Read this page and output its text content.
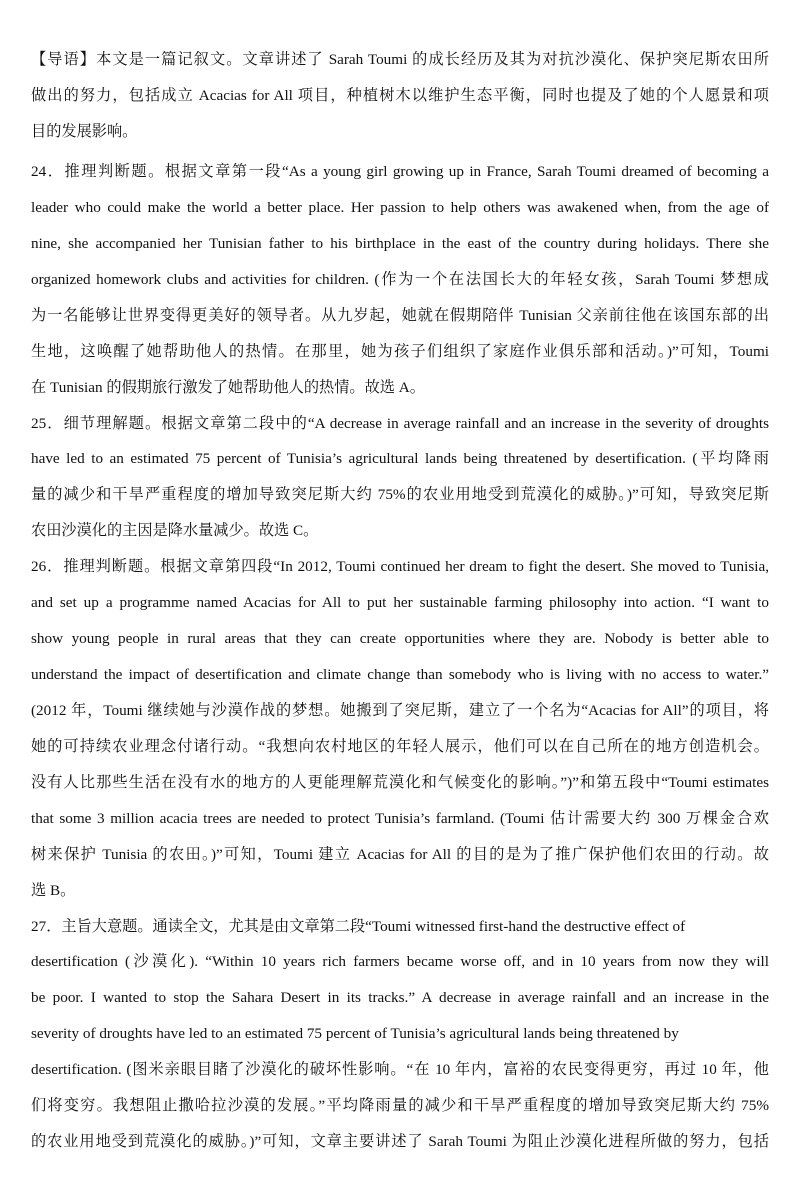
【导语】本文是一篇记叙文。文章讲述了 Sarah Toumi 的成长经历及其为对抗沙漠化、保护突尼斯农田所
做出的努力，包括成立 Acacias for All 项目，种植树木以维护生态平衡，同时也提及了她的个人愿景和项
目的发展影响。
24．推理判断题。根据文章第一段“As a young girl growing up in France, Sarah Toumi dreamed of becoming a
leader who could make the world a better place. Her passion to help others was awakened when, from the age of
nine, she accompanied her Tunisian father to his birthplace in the east of the country during holidays. There she
organized homework clubs and activities for children. (作为一个在法国长大的年轻女孩，Sarah Toumi 梦想成
为一名能够让世界变得更美好的领导者。从九岁起，她就在假期陪伴 Tunisian 父亲前往他在该国东部的出
生地，这唤醒了她帮助他人的热情。在那里，她为孩子们组织了家庭作业俱乐部和活动。)”可知，Toumi
在 Tunisian 的假期旅行激发了她帮助他人的热情。故选 A。
25．细节理解题。根据文章第二段中的“A decrease in average rainfall and an increase in the severity of droughts
have led to an estimated 75 percent of Tunisia’s agricultural lands being threatened by desertification. (平均降雨
量的减少和干旱严重程度的增加导致突尼斯大约 75%的农业用地受到荒漠化的威胁。)”可知，导致突尼斯
农田沙漠化的主因是降水量减少。故选 C。
26．推理判断题。根据文章第四段“In 2012, Toumi continued her dream to fight the desert. She moved to Tunisia,
and set up a programme named Acacias for All to put her sustainable farming philosophy into action. “I want to
show young people in rural areas that they can create opportunities where they are. Nobody is better able to
understand the impact of desertification and climate change than somebody who is living with no access to water.”
(2012 年，Toumi 继续她与沙漠作战的梦想。她搬到了突尼斯，建立了一个名为“Acacias for All”的项目，将
她的可持续农业理念付诸行动。“我想向农村地区的年轻人展示，他们可以在自己所在的地方创造机会。
没有人比那些生活在没有水的地方的人更能理解荒漠化和气候变化的影响。”)”和第五段中“Toumi estimates
that some 3 million acacia trees are needed to protect Tunisia’s farmland. (Toumi 估计需要大约 300 万棵金合欢
树来保护 Tunisia 的农田。)”可知，Toumi 建立 Acacias for All 的目的是为了推广保护他们农田的行动。故
选 B。
27．主旨大意题。通读全文，尤其是由文章第二段“Toumi witnessed first-hand the destructive effect of
desertification (沙漠化). “Within 10 years rich farmers became worse off, and in 10 years from now they will
be poor. I wanted to stop the Sahara Desert in its tracks.” A decrease in average rainfall and an increase in the
severity of droughts have led to an estimated 75 percent of Tunisia’s agricultural lands being threatened by
desertification. (图米亲眼目睹了沙漠化的破坏性影响。“在 10 年内，富裕的农民变得更穷，再过 10 年，他
们将变穷。我想阻止撒哈拉沙漠的发展。”平均降雨量的减少和干旱严重程度的增加导致突尼斯大约 75%
的农业用地受到荒漠化的威胁。)”可知，文章主要讲述了 Sarah Toumi 为阻止沙漠化进程所做的努力，包括
